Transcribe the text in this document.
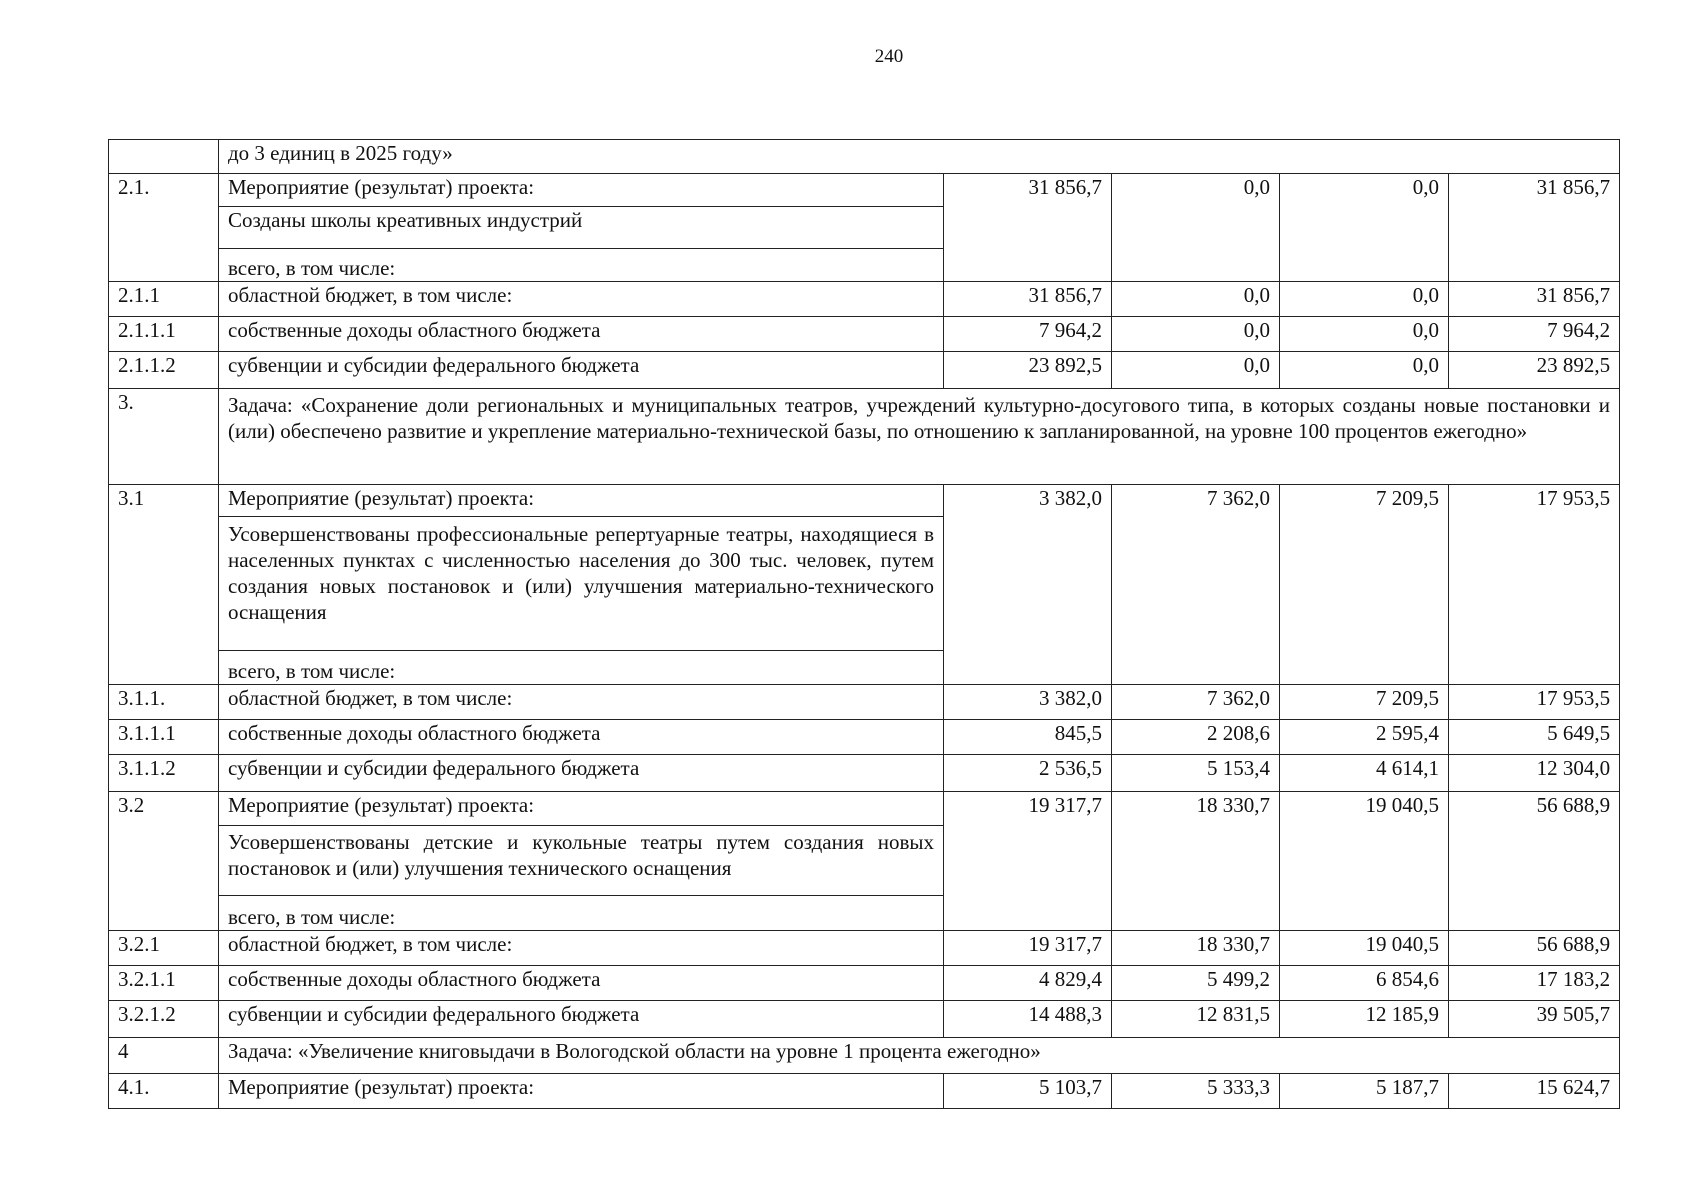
240
	до 3 единиц в 2025 году»				
2.1.	Мероприятие (результат) проекта:	31 856,7	0,0	0,0	31 856,7
	Созданы школы креативных индустрий				
	всего, в том числе:				
2.1.1	областной бюджет, в том числе:	31 856,7	0,0	0,0	31 856,7
2.1.1.1	собственные доходы областного бюджета	7 964,2	0,0	0,0	7 964,2
2.1.1.2	субвенции и субсидии федерального бюджета	23 892,5	0,0	0,0	23 892,5
3.	Задача: «Сохранение доли региональных и муниципальных театров, учреждений культурно-досугового типа, в которых созданы новые постановки и (или) обеспечено развитие и укрепление материально-технической базы, по отношению к запланированной, на уровне 100 процентов ежегодно»				
3.1	Мероприятие (результат) проекта:	3 382,0	7 362,0	7 209,5	17 953,5
	Усовершенствованы профессиональные репертуарные театры, находящиеся в населенных пунктах с численностью населения до 300 тыс. человек, путем создания новых постановок и (или) улучшения материально-технического оснащения				
	всего, в том числе:				
3.1.1.	областной бюджет, в том числе:	3 382,0	7 362,0	7 209,5	17 953,5
3.1.1.1	собственные доходы областного бюджета	845,5	2 208,6	2 595,4	5 649,5
3.1.1.2	субвенции и субсидии федерального бюджета	2 536,5	5 153,4	4 614,1	12 304,0
3.2	Мероприятие (результат) проекта:	19 317,7	18 330,7	19 040,5	56 688,9
	Усовершенствованы детские и кукольные театры путем создания новых постановок и (или) улучшения технического оснащения				
	всего, в том числе:				
3.2.1	областной бюджет, в том числе:	19 317,7	18 330,7	19 040,5	56 688,9
3.2.1.1	собственные доходы областного бюджета	4 829,4	5 499,2	6 854,6	17 183,2
3.2.1.2	субвенции и субсидии федерального бюджета	14 488,3	12 831,5	12 185,9	39 505,7
4	Задача: «Увеличение книговыдачи в Вологодской области на уровне 1 процента ежегодно»				
4.1.	Мероприятие (результат) проекта:	5 103,7	5 333,3	5 187,7	15 624,7
